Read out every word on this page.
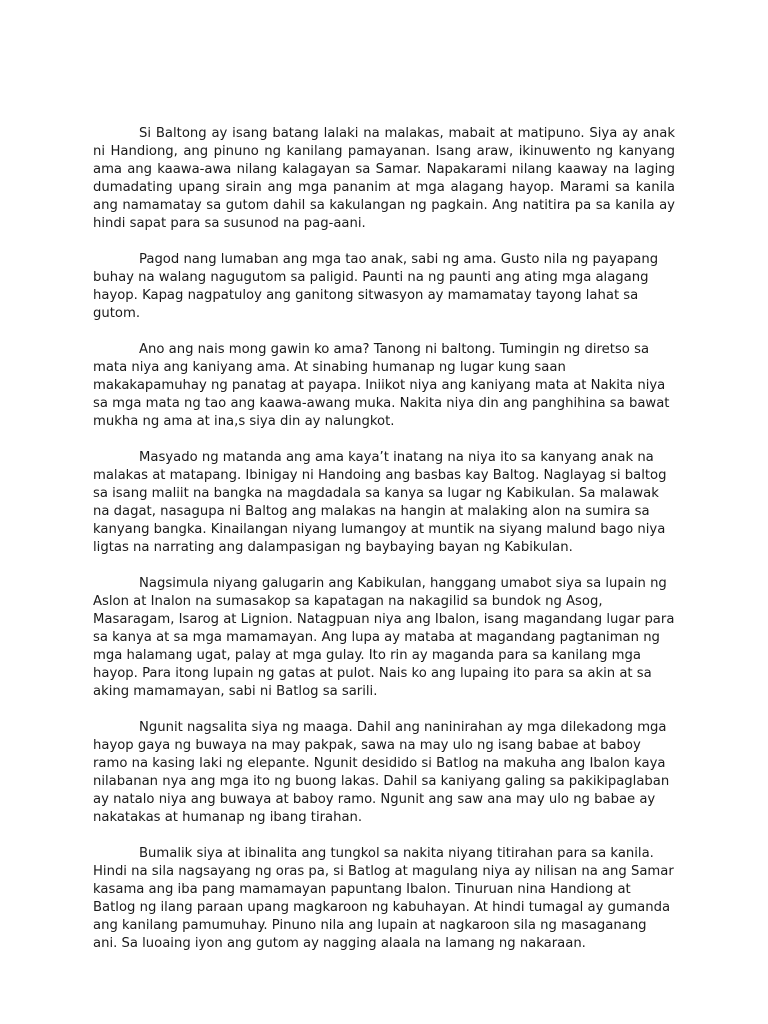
Si Baltong ay isang batang lalaki na malakas, mabait at matipuno. Siya ay anak ni Handiong, ang pinuno ng kanilang pamayanan. Isang araw, ikinuwento ng kanyang ama ang kaawa-awa nilang kalagayan sa Samar. Napakarami nilang kaaway na laging dumadating upang sirain ang mga pananim at mga alagang hayop. Marami sa kanila ang namamatay sa gutom dahil sa kakulangan ng pagkain. Ang natitira pa sa kanila ay hindi sapat para sa susunod na pag-aani.

Pagod nang lumaban ang mga tao anak, sabi ng ama. Gusto nila ng payapang buhay na walang nagugutom sa paligid. Paunti na ng paunti ang ating mga alagang hayop. Kapag nagpatuloy ang ganitong sitwasyon ay mamamatay tayong lahat sa gutom.

Ano ang nais mong gawin ko ama? Tanong ni baltong. Tumingin ng diretso sa mata niya ang kaniyang ama. At sinabing humanap ng lugar kung saan makakapamuhay ng panatag at payapa. Iniikot niya ang kaniyang mata at Nakita niya sa mga mata ng tao ang kaawa-awang muka. Nakita niya din ang panghihina sa bawat mukha ng ama at ina,s siya din ay nalungkot.

Masyado ng matanda ang ama kaya’t inatang na niya ito sa kanyang anak na malakas at matapang. Ibinigay ni Handoing ang basbas kay Baltog. Naglayag si baltog sa isang maliit na bangka na magdadala sa kanya sa lugar ng Kabikulan. Sa malawak na dagat, nasagupa ni Baltog ang malakas na hangin at malaking alon na sumira sa kanyang bangka. Kinailangan niyang lumangoy at muntik na siyang malund bago niya ligtas na narrating ang dalampasigan ng baybaying bayan ng Kabikulan.

Nagsimula niyang galugarin ang Kabikulan, hanggang umabot siya sa lupain ng Aslon at Inalon na sumasakop sa kapatagan na nakagilid sa bundok ng Asog, Masaragam, Isarog at Lignion. Natagpuan niya ang Ibalon, isang magandang lugar para sa kanya at sa mga mamamayan. Ang lupa ay mataba at magandang pagtaniman ng mga halamang ugat, palay at mga gulay. Ito rin ay maganda para sa kanilang mga hayop. Para itong lupain ng gatas at pulot. Nais ko ang lupaing ito para sa akin at sa aking mamamayan, sabi ni Batlog sa sarili.

Ngunit nagsalita siya ng maaga. Dahil ang naninirahan ay mga dilekadong mga hayop gaya ng buwaya na may pakpak, sawa na may ulo ng isang babae at baboy ramo na kasing laki ng elepante. Ngunit desidido si Batlog na makuha ang Ibalon kaya nilabanan nya ang mga ito ng buong lakas. Dahil sa kaniyang galing sa pakikipaglaban ay natalo niya ang buwaya at baboy ramo. Ngunit ang saw ana may ulo ng babae ay nakatakas at humanap ng ibang tirahan.

Bumalik siya at ibinalita ang tungkol sa nakita niyang titirahan para sa kanila. Hindi na sila nagsayang ng oras pa, si Batlog at magulang niya ay nilisan na ang Samar kasama ang iba pang mamamayan papuntang Ibalon. Tinuruan nina Handiong at Batlog ng ilang paraan upang magkaroon ng kabuhayan. At hindi tumagal ay gumanda ang kanilang pamumuhay. Pinuno nila ang lupain at nagkaroon sila ng masaganang ani. Sa luoaing iyon ang gutom ay nagging alaala na lamang ng nakaraan.
